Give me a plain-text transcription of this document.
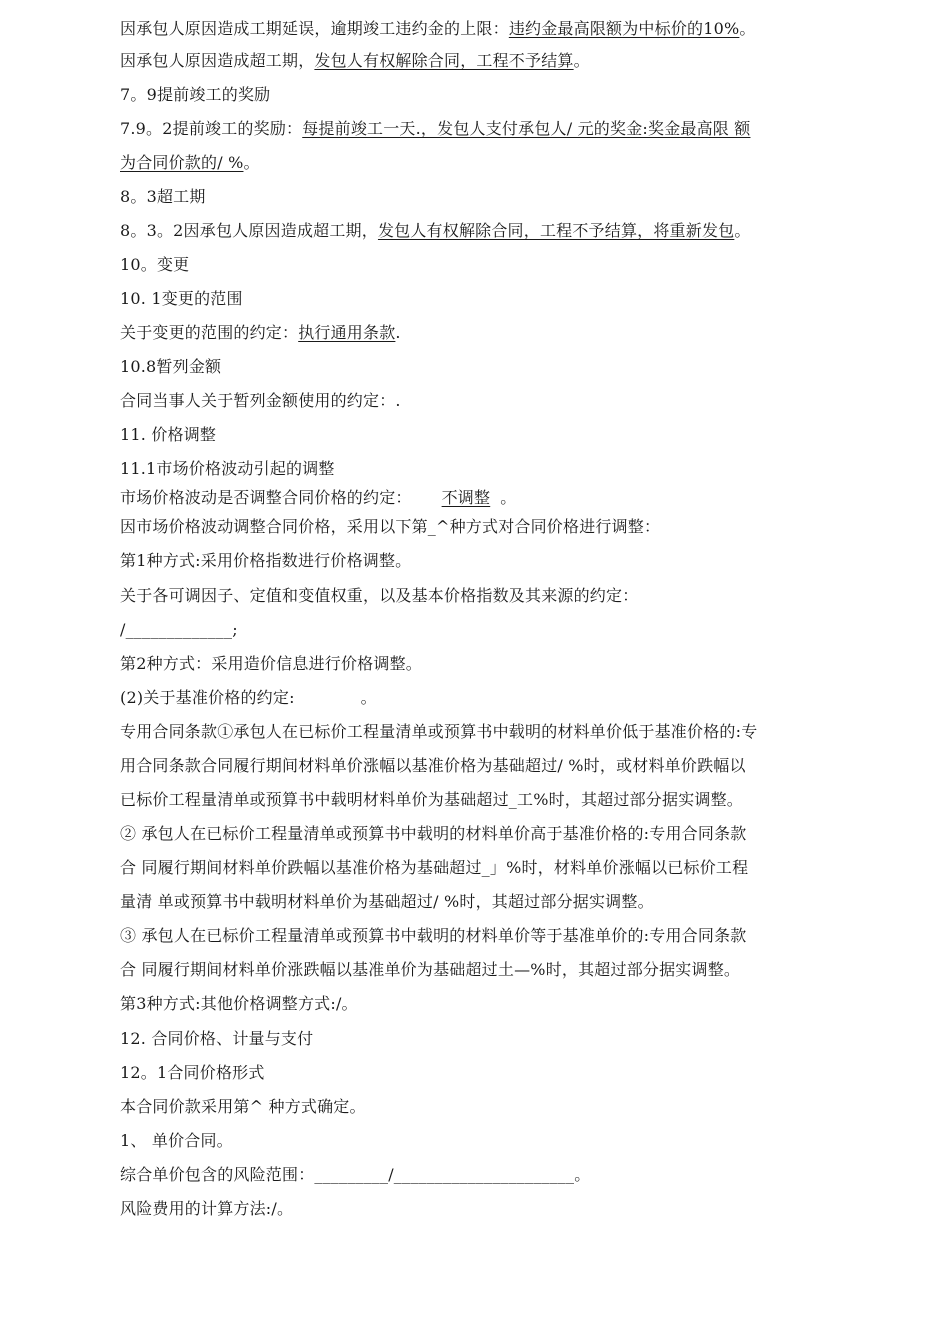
因承包人原因造成工期延误，逾期竣工违约金的上限：违约金最高限额为中标价的10%。
因承包人原因造成超工期，发包人有权解除合同，工程不予结算。
7。9提前竣工的奖励
7.9。2提前竣工的奖励：每提前竣工一天.，发包人支付承包人/ 元的奖金:奖金最高限 额
为合同价款的/ %。
8。3超工期
8。3。2因承包人原因造成超工期，发包人有权解除合同，工程不予结算，将重新发包。
10。变更
10. 1变更的范围
关于变更的范围的约定：执行通用条款.
10.8暂列金额
合同当事人关于暂列金额使用的约定：.
11. 价格调整
11.1市场价格波动引起的调整
市场价格波动是否调整合同价格的约定： 不调整 。
因市场价格波动调整合同价格，采用以下第_^种方式对合同价格进行调整：
第1种方式:采用价格指数进行价格调整。
关于各可调因子、定值和变值权重，以及基本价格指数及其来源的约定：
/_____________;
第2种方式：采用造价信息进行价格调整。
(2)关于基准价格的约定:	。
专用合同条款①承包人在已标价工程量清单或预算书中载明的材料单价低于基准价格的:专
用合同条款合同履行期间材料单价涨幅以基准价格为基础超过/ %时，或材料单价跌幅以
已标价工程量清单或预算书中载明材料单价为基础超过_工%时，其超过部分据实调整。
② 承包人在已标价工程量清单或预算书中载明的材料单价高于基准价格的:专用合同条款
合 同履行期间材料单价跌幅以基准价格为基础超过_」%时，材料单价涨幅以已标价工程
量清 单或预算书中载明材料单价为基础超过/ %时，其超过部分据实调整。
③ 承包人在已标价工程量清单或预算书中载明的材料单价等于基准单价的:专用合同条款
合 同履行期间材料单价涨跌幅以基准单价为基础超过土—%时，其超过部分据实调整。
第3种方式:其他价格调整方式:/。
12. 合同价格、计量与支付
12。1合同价格形式
本合同价款采用第^ 种方式确定。
1、 单价合同。
综合单价包含的风险范围：_________/______________________。
风险费用的计算方法:/。
